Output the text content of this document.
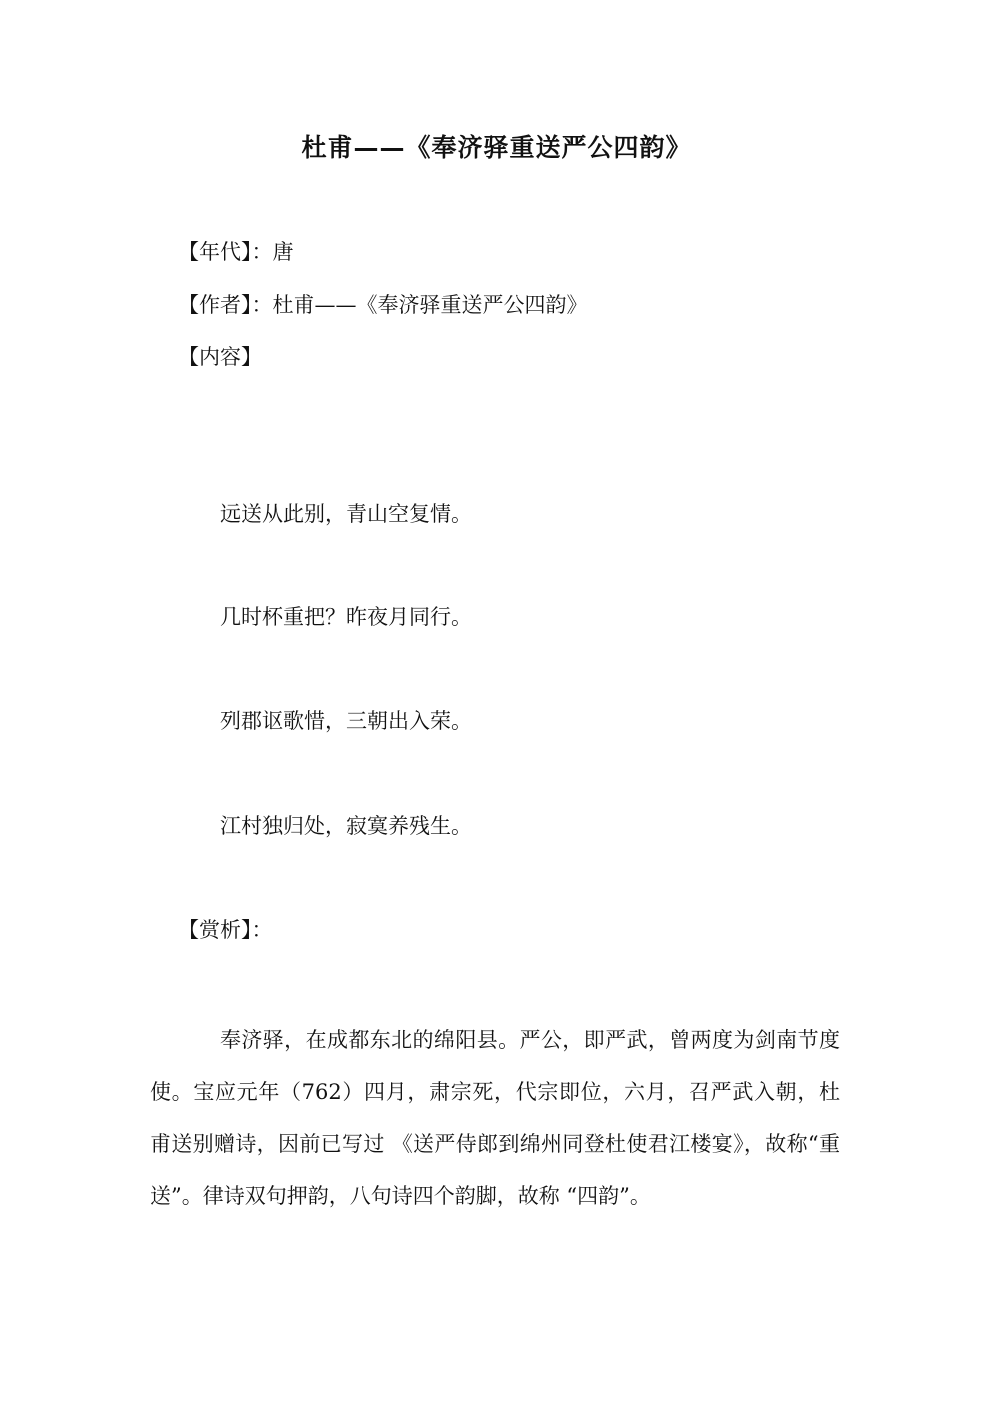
杜甫——《奉济驿重送严公四韵》
【年代】：唐
【作者】：杜甫——《奉济驿重送严公四韵》
【内容】
远送从此别，青山空复情。
几时杯重把？昨夜月同行。
列郡讴歌惜，三朝出入荣。
江村独归处，寂寞养残生。
【赏析】：
奉济驿，在成都东北的绵阳县。严公，即严武，曾两度为剑南节度使。宝应元年（762）四月，肃宗死，代宗即位，六月，召严武入朝，杜甫送别赠诗，因前已写过 《送严侍郎到绵州同登杜使君江楼宴》，故称“重送”。律诗双句押韵，八句诗四个韵脚，故称 “四韵”。
